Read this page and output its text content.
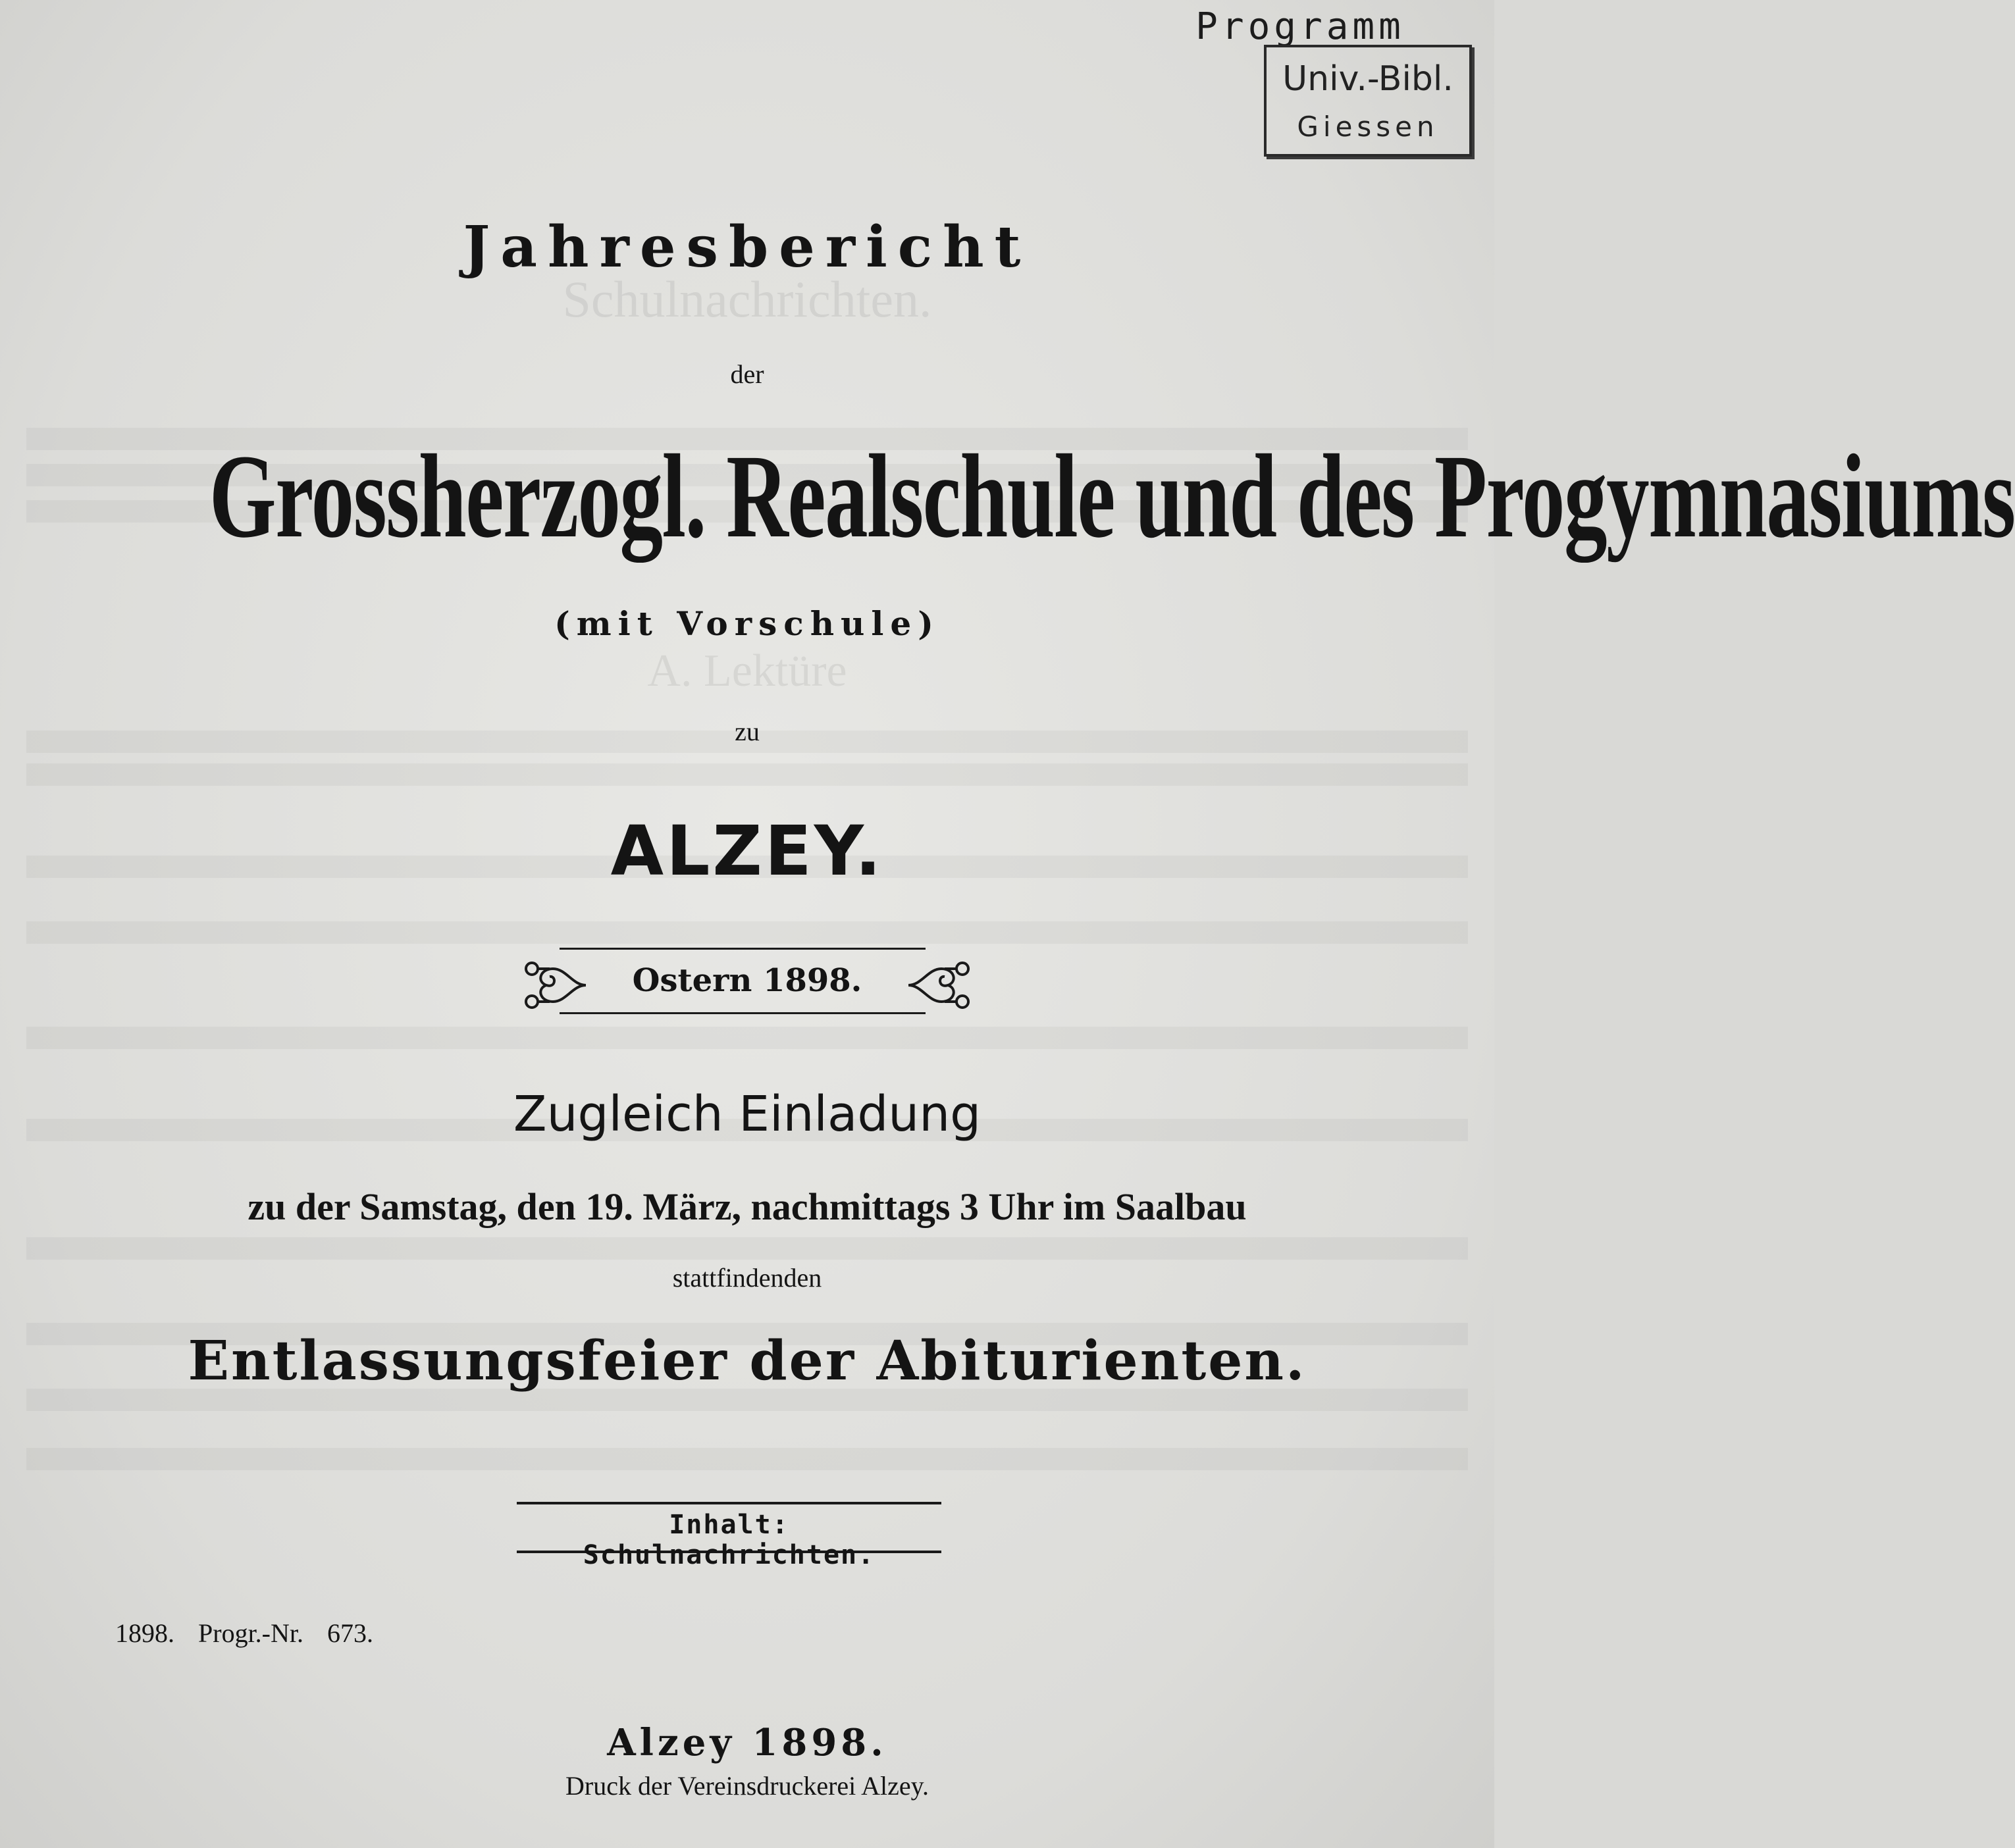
Schulnachrichten.
A. Lektüre
Programm
Univ.-Bibl.
Giessen
Jahresbericht
der
Grossherzogl. Realschule und des Progymnasiums
(mit Vorschule)
zu
ALZEY.
Ostern 1898.
Zugleich Einladung
zu der Samstag, den 19. März, nachmittags 3 Uhr im Saalbau
stattfindenden
Entlassungsfeier der Abiturienten.
Inhalt: Schulnachrichten.
1898. Progr.-Nr. 673.
Alzey 1898.
Druck der Vereinsdruckerei Alzey.
